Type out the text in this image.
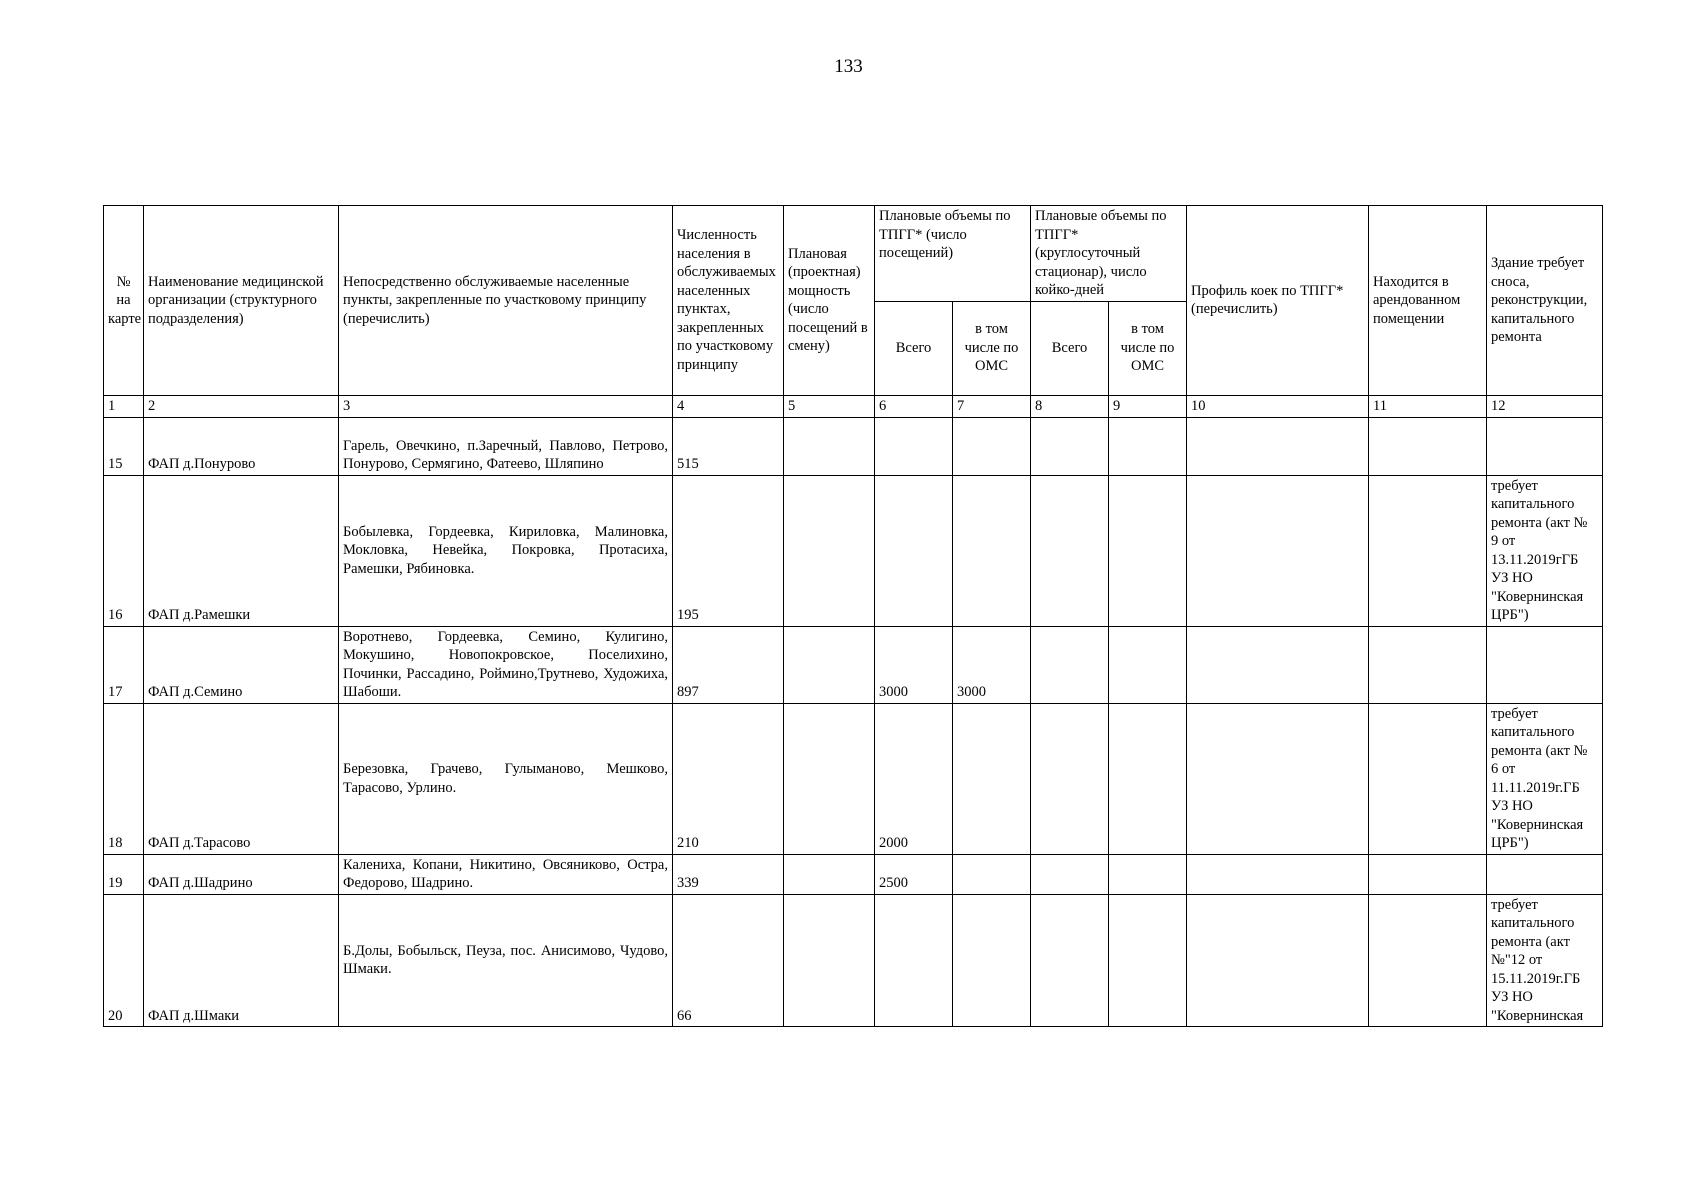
133
№ на карте	Наименование медицинской организации (структурного подразделения)	Непосредственно обслуживаемые населенные пункты, закрепленные по участковому принципу (перечислить)	Численность населения в обслуживаемых населенных пунктах, закрепленных по участковому принципу	Плановая (проектная) мощность (число посещений в смену)	Плановые объемы по ТПГГ* (число посещений)		Плановые объемы по ТПГГ* (круглосуточный стационар), число койко-дней		Профиль коек по ТПГГ* (перечислить)	Находится в арендованном помещении	Здание требует сноса, реконструкции, капитального ремонта
					Всего	в том числе по ОМС	Всего	в том числе по ОМС			
1	2	3	4	5	6	7	8	9	10	11	12
15	ФАП д.Понурово	Гарель, Овечкино, п.Заречный, Павлово, Петрово, Понурово, Сермягино, Фатеево, Шляпино	515								
16	ФАП д.Рамешки	Бобылевка, Гордеевка, Кириловка, Малиновка, Мокловка, Невейка, Покровка, Протасиха, Рамешки, Рябиновка.	195								требует капитального ремонта (акт № 9 от 13.11.2019гГБ УЗ НО "Ковернинская ЦРБ")
17	ФАП д.Семино	Воротнево, Гордеевка, Семино, Кулигино, Мокушино, Новопокровское, Поселихино, Починки, Рассадино, Роймино,Трутнево, Художиха, Шабоши.	897		3000	3000					
18	ФАП д.Тарасово	Березовка, Грачево, Гулыманово, Мешково, Тарасово, Урлино.	210		2000						требует капитального ремонта (акт № 6 от 11.11.2019г.ГБ УЗ НО "Ковернинская ЦРБ")
19	ФАП д.Шадрино	Калениха, Копани, Никитино, Овсяниково, Остра, Федорово, Шадрино.	339		2500						
20	ФАП д.Шмаки	Б.Долы, Бобыльск, Пеуза, пос. Анисимово, Чудово, Шмаки.	66								требует капитального ремонта (акт №"12 от 15.11.2019г.ГБ УЗ НО "Ковернинская
